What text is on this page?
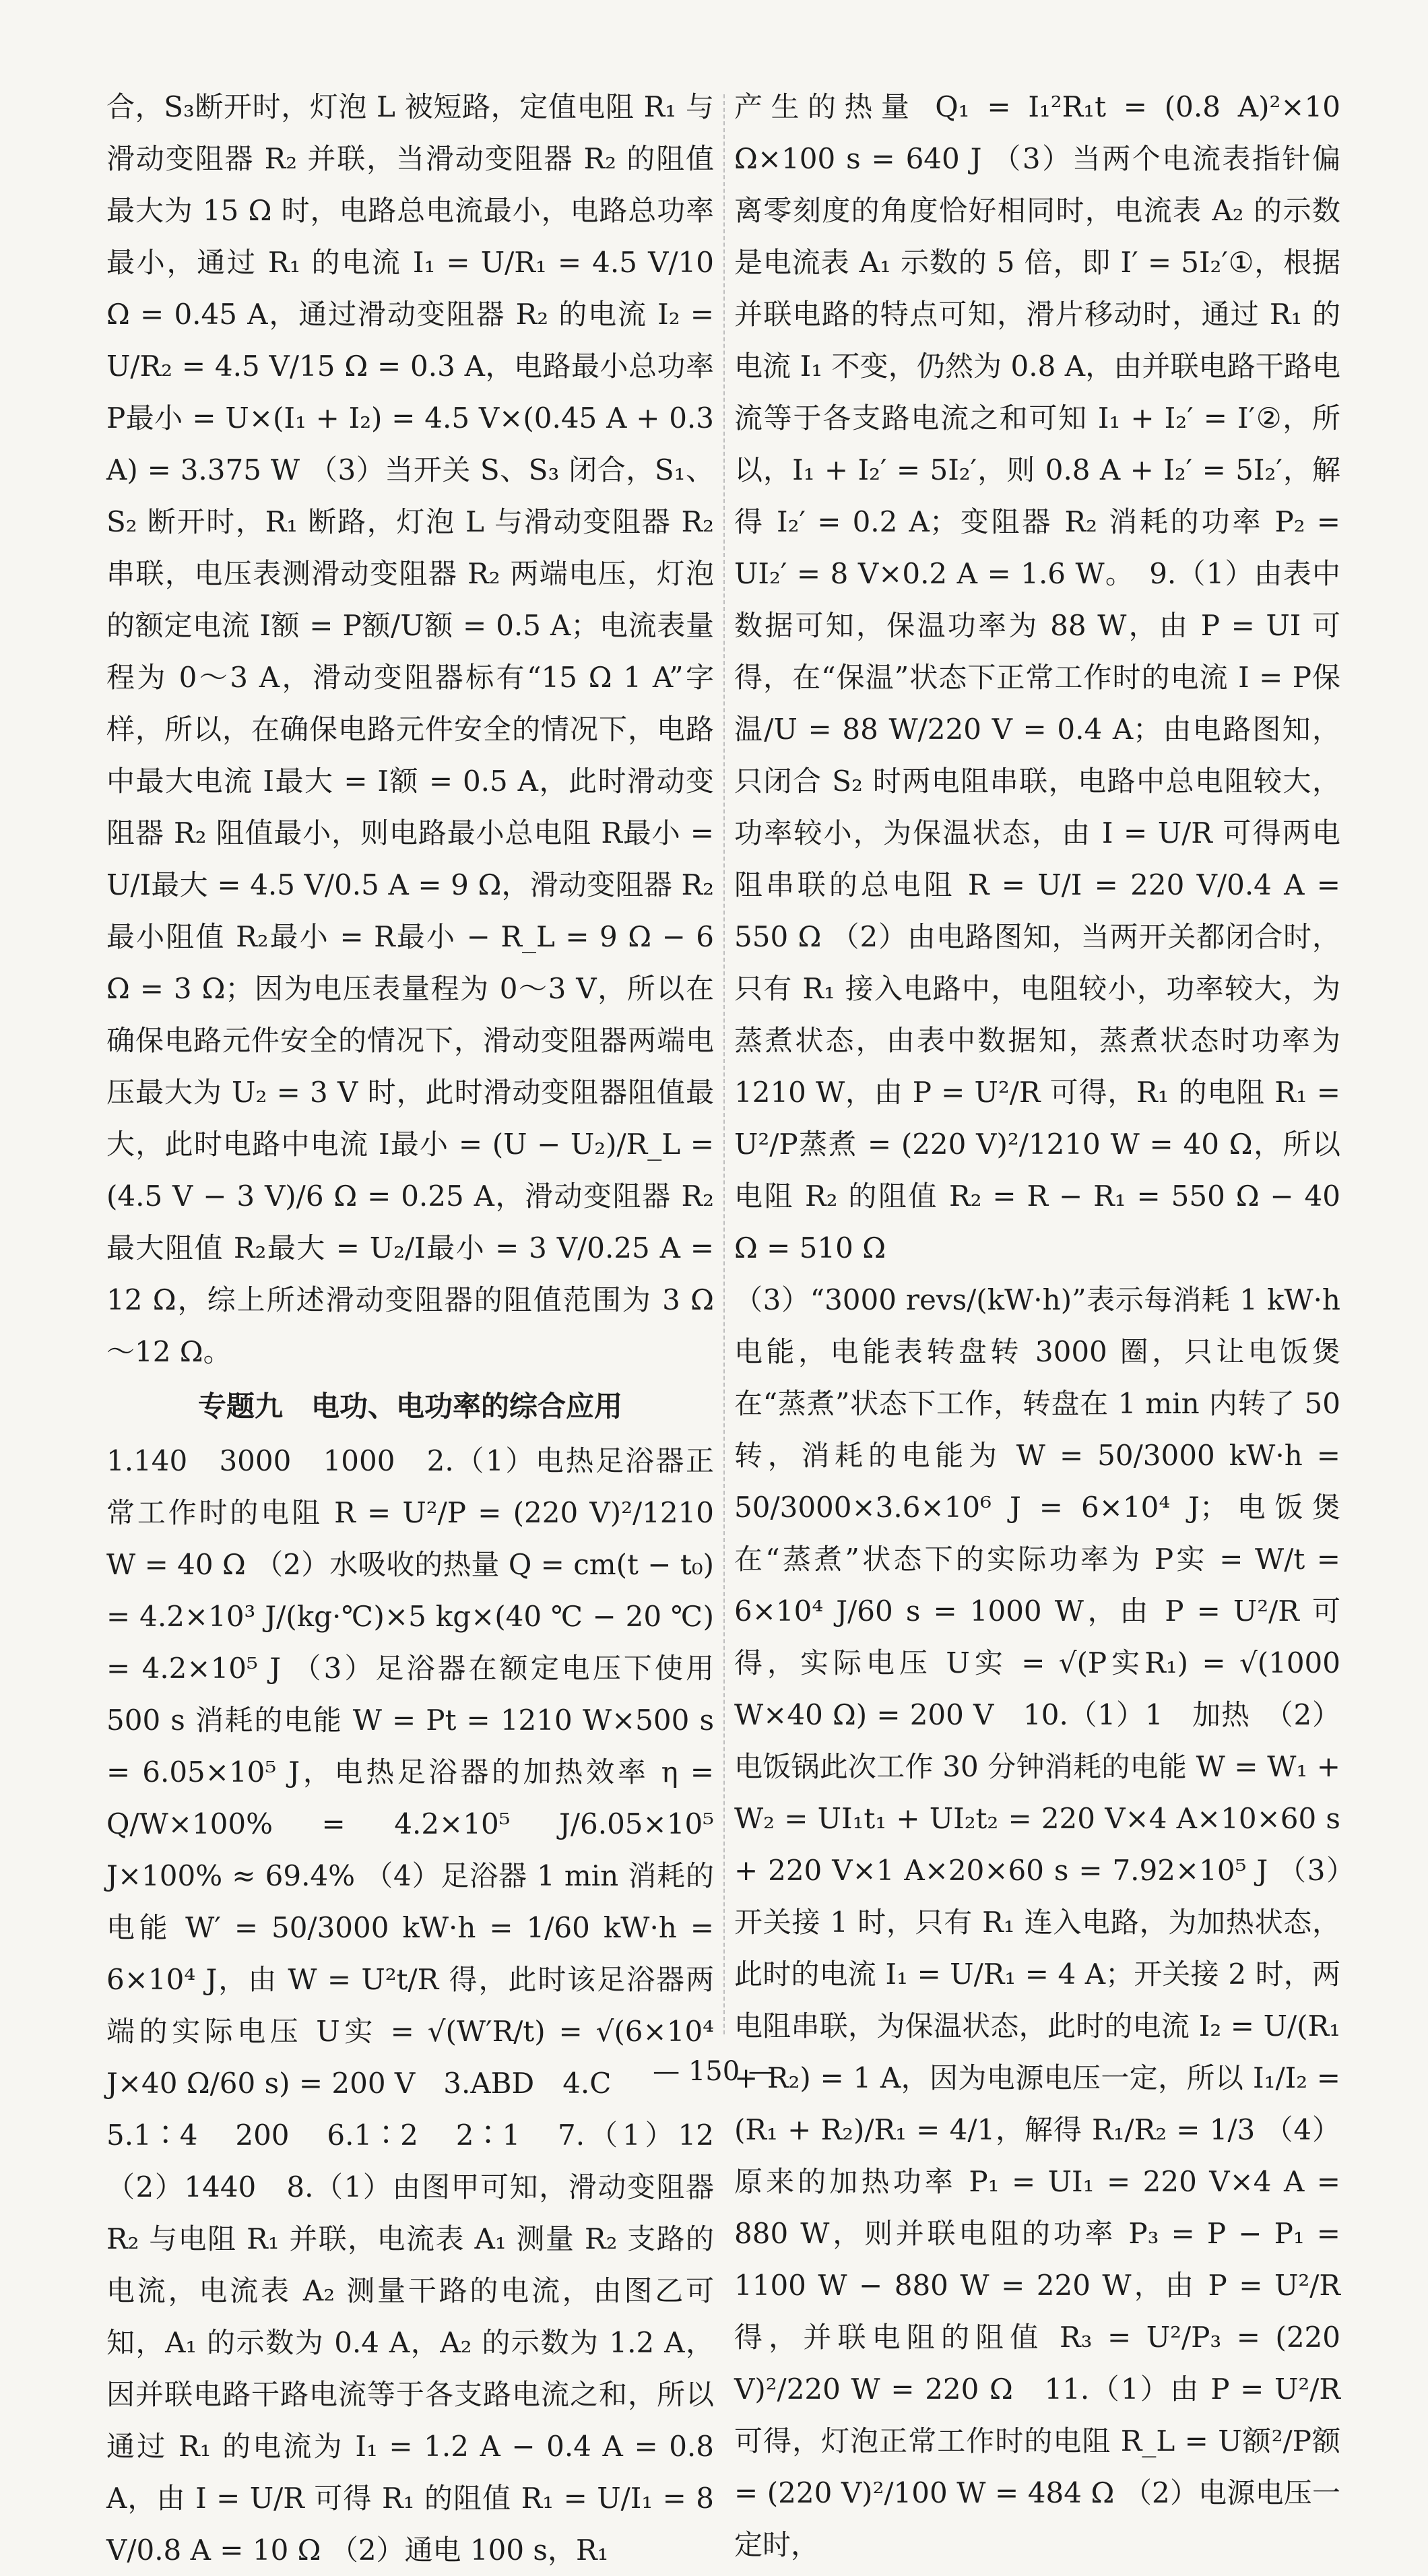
合，S₃断开时，灯泡 L 被短路，定值电阻 R₁ 与滑动变阻器 R₂ 并联，当滑动变阻器 R₂ 的阻值最大为 15 Ω 时，电路总电流最小，电路总功率最小，通过 R₁ 的电流 I₁ = U/R₁ = 4.5 V/10 Ω = 0.45 A，通过滑动变阻器 R₂ 的电流 I₂ = U/R₂ = 4.5 V/15 Ω = 0.3 A，电路最小总功率 P最小 = U×(I₁ + I₂) = 4.5 V×(0.45 A + 0.3 A) = 3.375 W （3）当开关 S、S₃ 闭合，S₁、S₂ 断开时，R₁ 断路，灯泡 L 与滑动变阻器 R₂ 串联，电压表测滑动变阻器 R₂ 两端电压，灯泡的额定电流 I额 = P额/U额 = 0.5 A；电流表量程为 0～3 A，滑动变阻器标有“15 Ω 1 A”字样，所以，在确保电路元件安全的情况下，电路中最大电流 I最大 = I额 = 0.5 A，此时滑动变阻器 R₂ 阻值最小，则电路最小总电阻 R最小 = U/I最大 = 4.5 V/0.5 A = 9 Ω，滑动变阻器 R₂ 最小阻值 R₂最小 = R最小 − R_L = 9 Ω − 6 Ω = 3 Ω；因为电压表量程为 0～3 V，所以在确保电路元件安全的情况下，滑动变阻器两端电压最大为 U₂ = 3 V 时，此时滑动变阻器阻值最大，此时电路中电流 I最小 = (U − U₂)/R_L = (4.5 V − 3 V)/6 Ω = 0.25 A，滑动变阻器 R₂ 最大阻值 R₂最大 = U₂/I最小 = 3 V/0.25 A = 12 Ω，综上所述滑动变阻器的阻值范围为 3 Ω～12 Ω。

专题九　电功、电功率的综合应用

1.140　3000　1000　2.（1）电热足浴器正常工作时的电阻 R = U²/P = (220 V)²/1210 W = 40 Ω （2）水吸收的热量 Q = cm(t − t₀) = 4.2×10³ J/(kg·℃)×5 kg×(40 ℃ − 20 ℃) = 4.2×10⁵ J （3）足浴器在额定电压下使用 500 s 消耗的电能 W = Pt = 1210 W×500 s = 6.05×10⁵ J，电热足浴器的加热效率 η = Q/W×100% = 4.2×10⁵ J/6.05×10⁵ J×100% ≈ 69.4% （4）足浴器 1 min 消耗的电能 W′ = 50/3000 kW·h = 1/60 kW·h = 6×10⁴ J，由 W = U²t/R 得，此时该足浴器两端的实际电压 U实 = √(W′R/t) = √(6×10⁴ J×40 Ω/60 s) = 200 V　3.ABD　4.C

5.1∶4　200　6.1∶2　2∶1　7.（1）12　（2）1440　8.（1）由图甲可知，滑动变阻器 R₂ 与电阻 R₁ 并联，电流表 A₁ 测量 R₂ 支路的电流，电流表 A₂ 测量干路的电流，由图乙可知，A₁ 的示数为 0.4 A，A₂ 的示数为 1.2 A，因并联电路干路电流等于各支路电流之和，所以通过 R₁ 的电流为 I₁ = 1.2 A − 0.4 A = 0.8 A，由 I = U/R 可得 R₁ 的阻值 R₁ = U/I₁ = 8 V/0.8 A = 10 Ω （2）通电 100 s，R₁

产生的热量 Q₁ = I₁²R₁t = (0.8 A)²×10 Ω×100 s = 640 J （3）当两个电流表指针偏离零刻度的角度恰好相同时，电流表 A₂ 的示数是电流表 A₁ 示数的 5 倍，即 I′ = 5I₂′①，根据并联电路的特点可知，滑片移动时，通过 R₁ 的电流 I₁ 不变，仍然为 0.8 A，由并联电路干路电流等于各支路电流之和可知 I₁ + I₂′ = I′②，所以，I₁ + I₂′ = 5I₂′，则 0.8 A + I₂′ = 5I₂′，解得 I₂′ = 0.2 A；变阻器 R₂ 消耗的功率 P₂ = UI₂′ = 8 V×0.2 A = 1.6 W。　9.（1）由表中数据可知，保温功率为 88 W，由 P = UI 可得，在“保温”状态下正常工作时的电流 I = P保温/U = 88 W/220 V = 0.4 A；由电路图知，只闭合 S₂ 时两电阻串联，电路中总电阻较大，功率较小，为保温状态，由 I = U/R 可得两电阻串联的总电阻 R = U/I = 220 V/0.4 A = 550 Ω （2）由电路图知，当两开关都闭合时，只有 R₁ 接入电路中，电阻较小，功率较大，为蒸煮状态，由表中数据知，蒸煮状态时功率为 1210 W，由 P = U²/R 可得，R₁ 的电阻 R₁ = U²/P蒸煮 = (220 V)²/1210 W = 40 Ω，所以电阻 R₂ 的阻值 R₂ = R − R₁ = 550 Ω − 40 Ω = 510 Ω

（3）“3000 revs/(kW·h)”表示每消耗 1 kW·h 电能，电能表转盘转 3000 圈，只让电饭煲在“蒸煮”状态下工作，转盘在 1 min 内转了 50 转，消耗的电能为 W = 50/3000 kW·h = 50/3000×3.6×10⁶ J = 6×10⁴ J；电饭煲在“蒸煮”状态下的实际功率为 P实 = W/t = 6×10⁴ J/60 s = 1000 W，由 P = U²/R 可得，实际电压 U实 = √(P实R₁) = √(1000 W×40 Ω) = 200 V　10.（1）1　加热　（2）电饭锅此次工作 30 分钟消耗的电能 W = W₁ + W₂ = UI₁t₁ + UI₂t₂ = 220 V×4 A×10×60 s + 220 V×1 A×20×60 s = 7.92×10⁵ J （3）开关接 1 时，只有 R₁ 连入电路，为加热状态，此时的电流 I₁ = U/R₁ = 4 A；开关接 2 时，两电阻串联，为保温状态，此时的电流 I₂ = U/(R₁ + R₂) = 1 A，因为电源电压一定，所以 I₁/I₂ = (R₁ + R₂)/R₁ = 4/1，解得 R₁/R₂ = 1/3 （4）原来的加热功率 P₁ = UI₁ = 220 V×4 A = 880 W，则并联电阻的功率 P₃ = P − P₁ = 1100 W − 880 W = 220 W，由 P = U²/R 得，并联电阻的阻值 R₃ = U²/P₃ = (220 V)²/220 W = 220 Ω　11.（1）由 P = U²/R 可得，灯泡正常工作时的电阻 R_L = U额²/P额 = (220 V)²/100 W = 484 Ω （2）电源电压一定时，

— 150 —
